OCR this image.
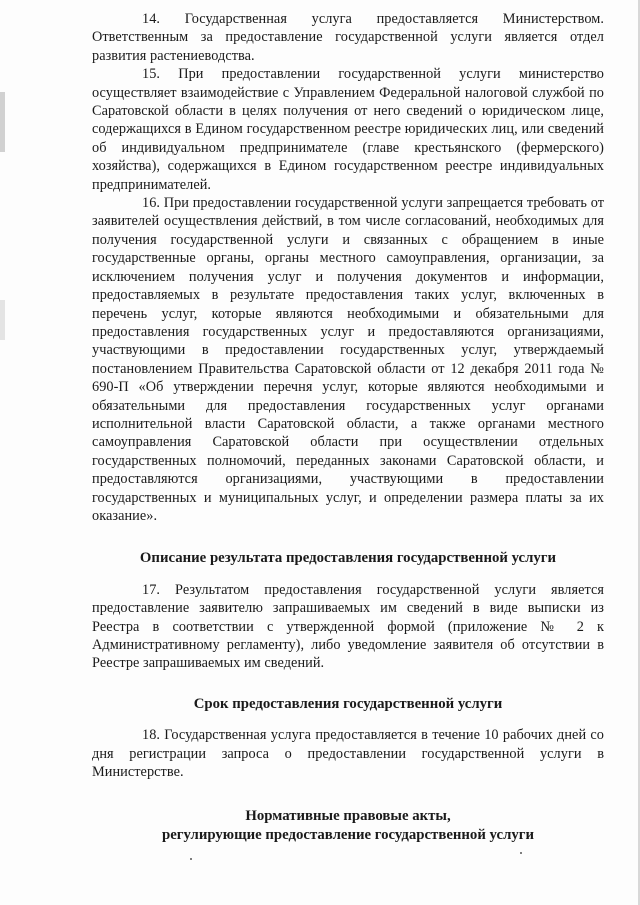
14. Государственная услуга предоставляется Министерством. Ответственным за предоставление государственной услуги является отдел развития растениеводства.

15. При предоставлении государственной услуги министерство осуществляет взаимодействие с Управлением Федеральной налоговой службой по Саратовской области в целях получения от него сведений о юридическом лице, содержащихся в Едином государственном реестре юридических лиц, или сведений об индивидуальном предпринимателе (главе крестьянского (фермерского) хозяйства), содержащихся в Едином государственном реестре индивидуальных предпринимателей.

16. При предоставлении государственной услуги запрещается требовать от заявителей осуществления действий, в том числе согласований, необходимых для получения государственной услуги и связанных с обращением в иные государственные органы, органы местного самоуправления, организации, за исключением получения услуг и получения документов и информации, предоставляемых в результате предоставления таких услуг, включенных в перечень услуг, которые являются необходимыми и обязательными для предоставления государственных услуг и предоставляются организациями, участвующими в предоставлении государственных услуг, утверждаемый постановлением Правительства Саратовской области от 12 декабря 2011 года № 690-П «Об утверждении перечня услуг, которые являются необходимыми и обязательными для предоставления государственных услуг органами исполнительной власти Саратовской области, а также органами местного самоуправления Саратовской области при осуществлении отдельных государственных полномочий, переданных законами Саратовской области, и предоставляются организациями, участвующими в предоставлении государственных и муниципальных услуг, и определении размера платы за их оказание».

Описание результата предоставления государственной услуги

17. Результатом предоставления государственной услуги является предоставление заявителю запрашиваемых им сведений в виде выписки из Реестра в соответствии с утвержденной формой (приложение № 2 к Административному регламенту), либо уведомление заявителя об отсутствии в Реестре запрашиваемых им сведений.

Срок предоставления государственной услуги

18. Государственная услуга предоставляется в течение 10 рабочих дней со дня регистрации запроса о предоставлении государственной услуги в Министерстве.

Нормативные правовые акты,

регулирующие предоставление государственной услуги
